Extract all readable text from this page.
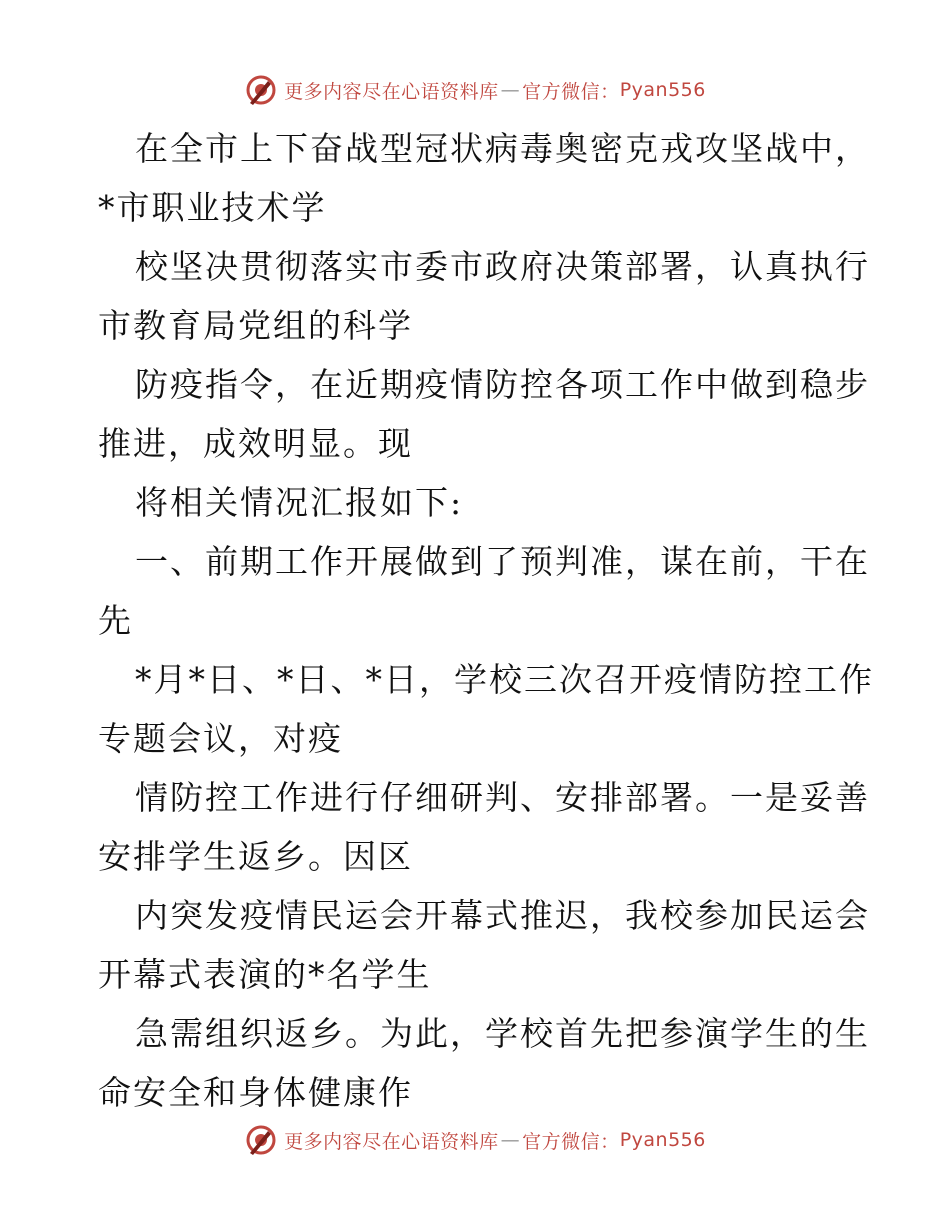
更多内容尽在心语资料库 — 官方微信： Pyan556
在全市上下奋战型冠状病毒奥密克戎攻坚战中，
*市职业技术学
校坚决贯彻落实市委市政府决策部署，认真执行
市教育局党组的科学
防疫指令，在近期疫情防控各项工作中做到稳步
推进，成效明显。现
将相关情况汇报如下:
一、前期工作开展做到了预判准，谋在前，干在
先
*月*日、*日、*日，学校三次召开疫情防控工作
专题会议，对疫
情防控工作进行仔细研判、安排部署。一是妥善
安排学生返乡。因区
内突发疫情民运会开幕式推迟，我校参加民运会
开幕式表演的*名学生
急需组织返乡。为此，学校首先把参演学生的生
命安全和身体健康作
更多内容尽在心语资料库 — 官方微信： Pyan556
